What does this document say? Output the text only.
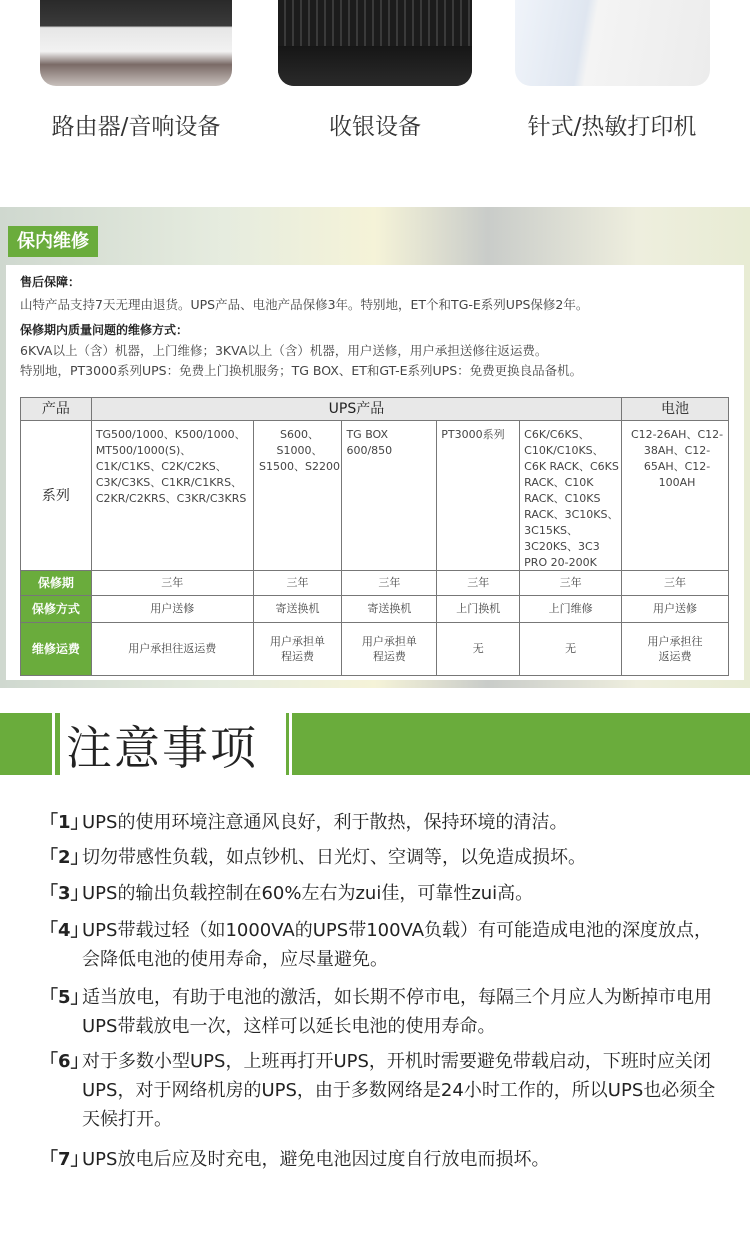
路由器/音响设备	收银设备	针式/热敏打印机
保内维修
售后保障：
山特产品支持7天无理由退货。UPS产品、电池产品保修3年。特别地，ET个和TG-E系列UPS保修2年。
保修期内质量问题的维修方式：
6KVA以上（含）机器，上门维修；3KVA以上（含）机器，用户送修，用户承担送修往返运费。
特别地，PT3000系列UPS：免费上门换机服务；TG BOX、ET和GT-E系列UPS：免费更换良品备机。
产品	UPS产品					电池
系列	TG500/1000、K500/1000、MT500/1000(S)、C1K/C1KS、C2K/C2KS、C3K/C3KS、C1KR/C1KRS、C2KR/C2KRS、C3KR/C3KRS	S600、S1000、S1500、S2200	TG BOX 600/850	PT3000系列	C6K/C6KS、C10K/C10KS、C6K RACK、C6KS RACK、C10K RACK、C10KS RACK、3C10KS、3C15KS、3C20KS、3C3 PRO 20-200K	C12-26AH、C12-38AH、C12-65AH、C12-100AH
保修期	三年	三年	三年	三年	三年	三年
保修方式	用户送修	寄送换机	寄送换机	上门换机	上门维修	用户送修
维修运费	用户承担往返运费	用户承担单程运费	用户承担单程运费	无	无	用户承担往返运费
注意事项
「1」
UPS的使用环境注意通风良好，利于散热，保持环境的清洁。
「2」
切勿带感性负载，如点钞机、日光灯、空调等，以免造成损坏。
「3」
UPS的输出负载控制在60%左右为zui佳，可靠性zui高。
「4」
UPS带载过轻（如1000VA的UPS带100VA负载）有可能造成电池的深度放点，会降低电池的使用寿命，应尽量避免。
「5」
适当放电，有助于电池的激活，如长期不停市电，每隔三个月应人为断掉市电用UPS带载放电一次，这样可以延长电池的使用寿命。
「6」
对于多数小型UPS，上班再打开UPS，开机时需要避免带载启动，下班时应关闭UPS，对于网络机房的UPS，由于多数网络是24小时工作的，所以UPS也必须全天候打开。
「7」
UPS放电后应及时充电，避免电池因过度自行放电而损坏。
